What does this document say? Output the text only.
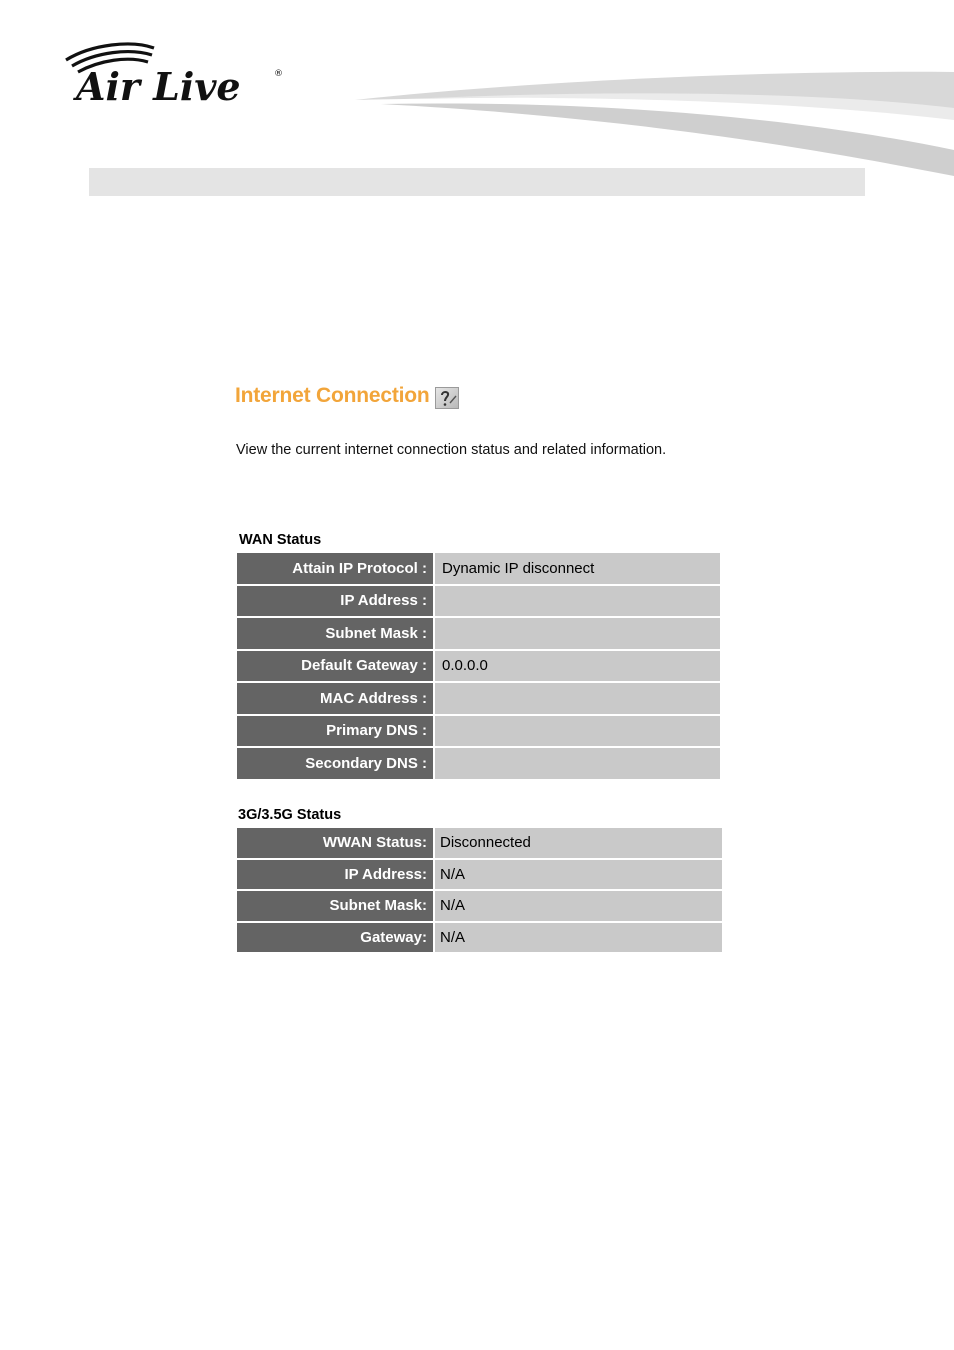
Air Live	®
Internet Connection
View the current internet connection status and related information.
WAN Status
Attain IP Protocol :	Dynamic IP disconnect
IP Address :	
Subnet Mask :	
Default Gateway :	0.0.0.0
MAC Address :	
Primary DNS :	
Secondary DNS :	
3G/3.5G Status
WWAN Status:	Disconnected
IP Address:	N/A
Subnet Mask:	N/A
Gateway:	N/A
